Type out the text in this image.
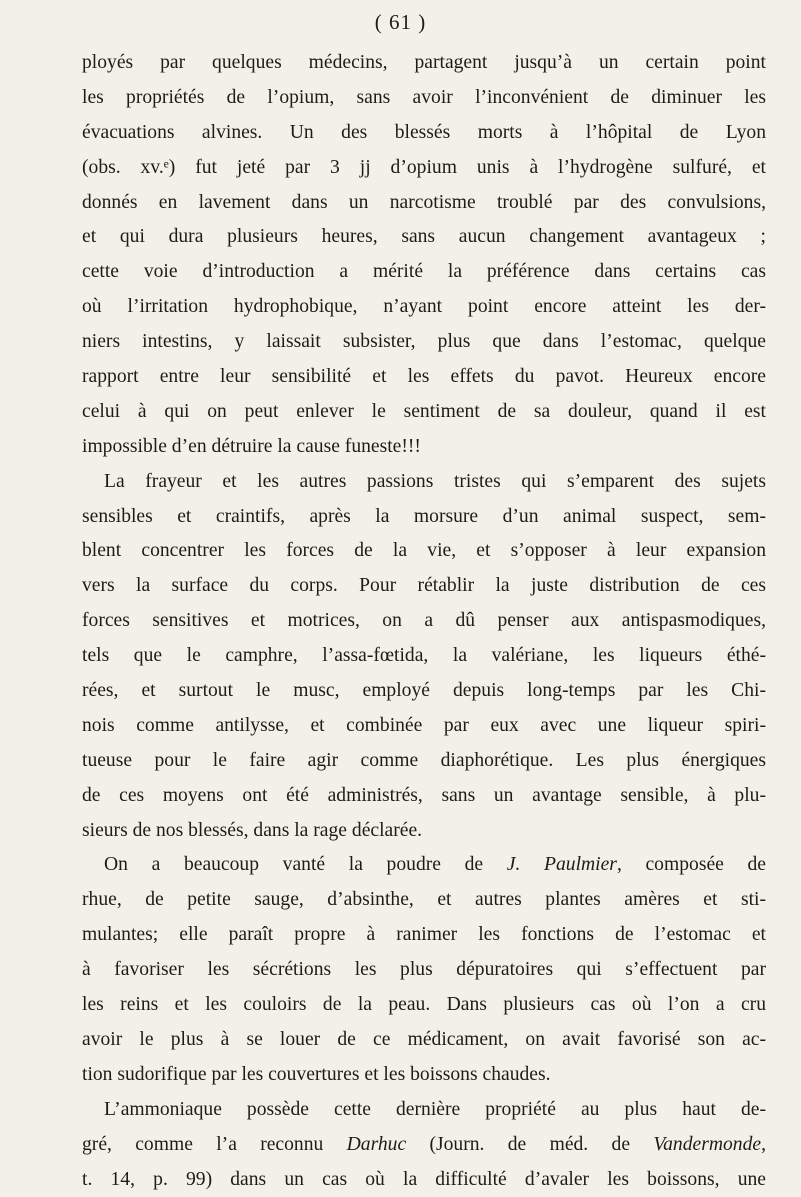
( 61 )
ployés par quelques médecins, partagent jusqu’à un certain point
les propriétés de l’opium, sans avoir l’inconvénient de diminuer les
évacuations alvines. Un des blessés morts à l’hôpital de Lyon
(obs. xv.ᵉ) fut jeté par 3 jj d’opium unis à l’hydrogène sulfuré, et
donnés en lavement dans un narcotisme troublé par des convulsions,
et qui dura plusieurs heures, sans aucun changement avantageux ;
cette voie d’introduction a mérité la préférence dans certains cas
où l’irritation hydrophobique, n’ayant point encore atteint les der-
niers intestins, y laissait subsister, plus que dans l’estomac, quelque
rapport entre leur sensibilité et les effets du pavot. Heureux encore
celui à qui on peut enlever le sentiment de sa douleur, quand il est
impossible d’en détruire la cause funeste!!!
La frayeur et les autres passions tristes qui s’emparent des sujets
sensibles et craintifs, après la morsure d’un animal suspect, sem-
blent concentrer les forces de la vie, et s’opposer à leur expansion
vers la surface du corps. Pour rétablir la juste distribution de ces
forces sensitives et motrices, on a dû penser aux antispasmodiques,
tels que le camphre, l’assa-fœtida, la valériane, les liqueurs éthé-
rées, et surtout le musc, employé depuis long-temps par les Chi-
nois comme antilysse, et combinée par eux avec une liqueur spiri-
tueuse pour le faire agir comme diaphorétique. Les plus énergiques
de ces moyens ont été administrés, sans un avantage sensible, à plu-
sieurs de nos blessés, dans la rage déclarée.
On a beaucoup vanté la poudre de J. Paulmier, composée de
rhue, de petite sauge, d’absinthe, et autres plantes amères et sti-
mulantes; elle paraît propre à ranimer les fonctions de l’estomac et
à favoriser les sécrétions les plus dépuratoires qui s’effectuent par
les reins et les couloirs de la peau. Dans plusieurs cas où l’on a cru
avoir le plus à se louer de ce médicament, on avait favorisé son ac-
tion sudorifique par les couvertures et les boissons chaudes.
L’ammoniaque possède cette dernière propriété au plus haut de-
gré, comme l’a reconnu Darhuc (Journ. de méd. de Vandermonde,
t. 14, p. 99) dans un cas où la difficulté d’avaler les boissons, une
